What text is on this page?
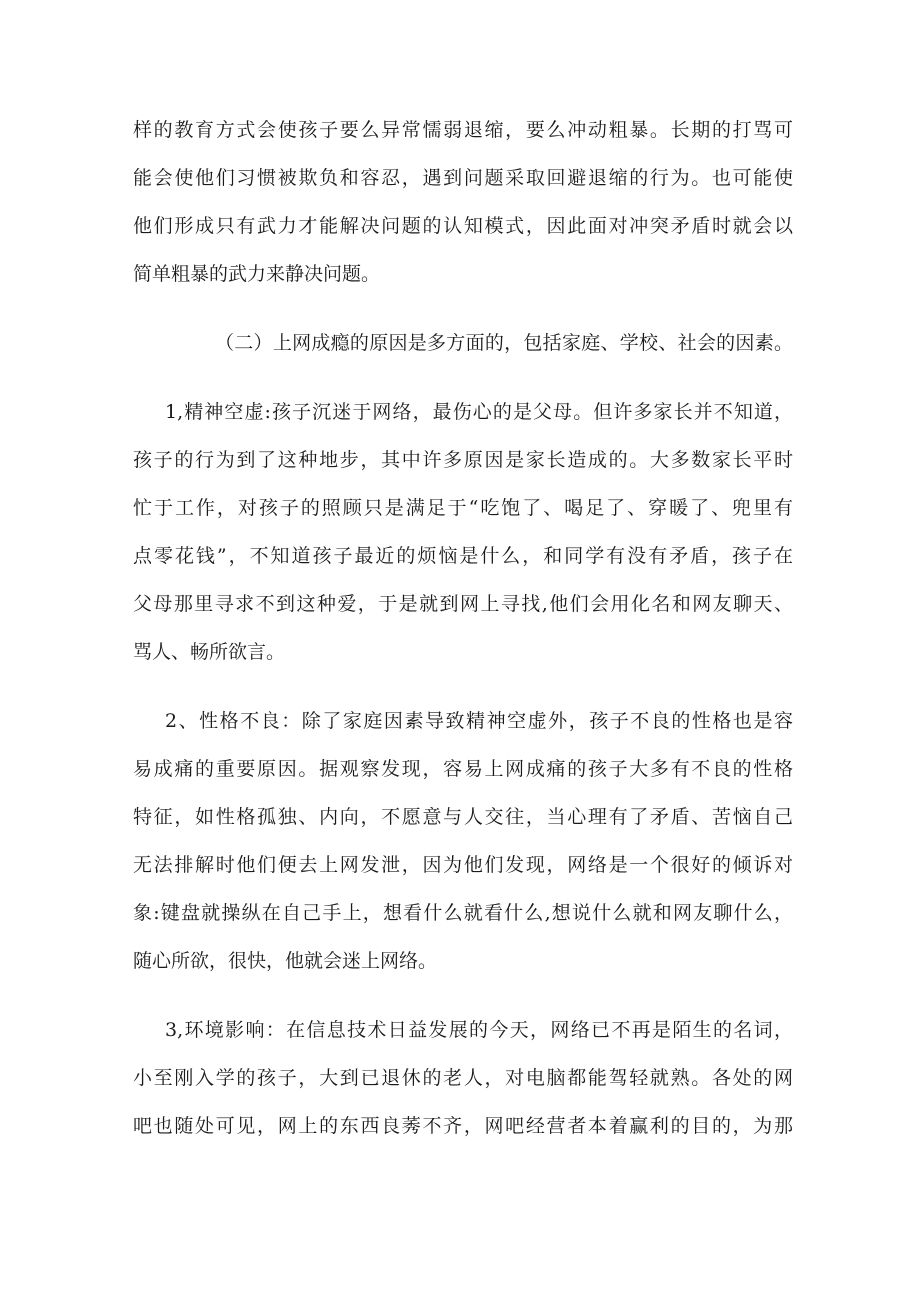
样的教育方式会使孩子要么异常懦弱退缩，要么冲动粗暴。长期的打骂可
能会使他们习惯被欺负和容忍，遇到问题采取回避退缩的行为。也可能使
他们形成只有武力才能解决问题的认知模式，因此面对冲突矛盾时就会以
简单粗暴的武力来静决问题。
（二）上网成瘾的原因是多方面的，包括家庭、学校、社会的因素。
1,精神空虚:孩子沉迷于网络，最伤心的是父母。但许多家长并不知道，
孩子的行为到了这种地步，其中许多原因是家长造成的。大多数家长平时
忙于工作，对孩子的照顾只是满足于“吃饱了、喝足了、穿暖了、兜里有
点零花钱”，不知道孩子最近的烦恼是什么，和同学有没有矛盾，孩子在
父母那里寻求不到这种爱，于是就到网上寻找,他们会用化名和网友聊天、
骂人、畅所欲言。
2、性格不良：除了家庭因素导致精神空虚外，孩子不良的性格也是容
易成痛的重要原因。据观察发现，容易上网成痛的孩子大多有不良的性格
特征，如性格孤独、内向，不愿意与人交往，当心理有了矛盾、苦恼自己
无法排解时他们便去上网发泄，因为他们发现，网络是一个很好的倾诉对
象:键盘就操纵在自己手上，想看什么就看什么,想说什么就和网友聊什么，
随心所欲，很快，他就会迷上网络。
3,环境影响：在信息技术日益发展的今天，网络已不再是陌生的名词，
小至刚入学的孩子，大到已退休的老人，对电脑都能驾轻就熟。各处的网
吧也随处可见，网上的东西良莠不齐，网吧经营者本着赢利的目的，为那
